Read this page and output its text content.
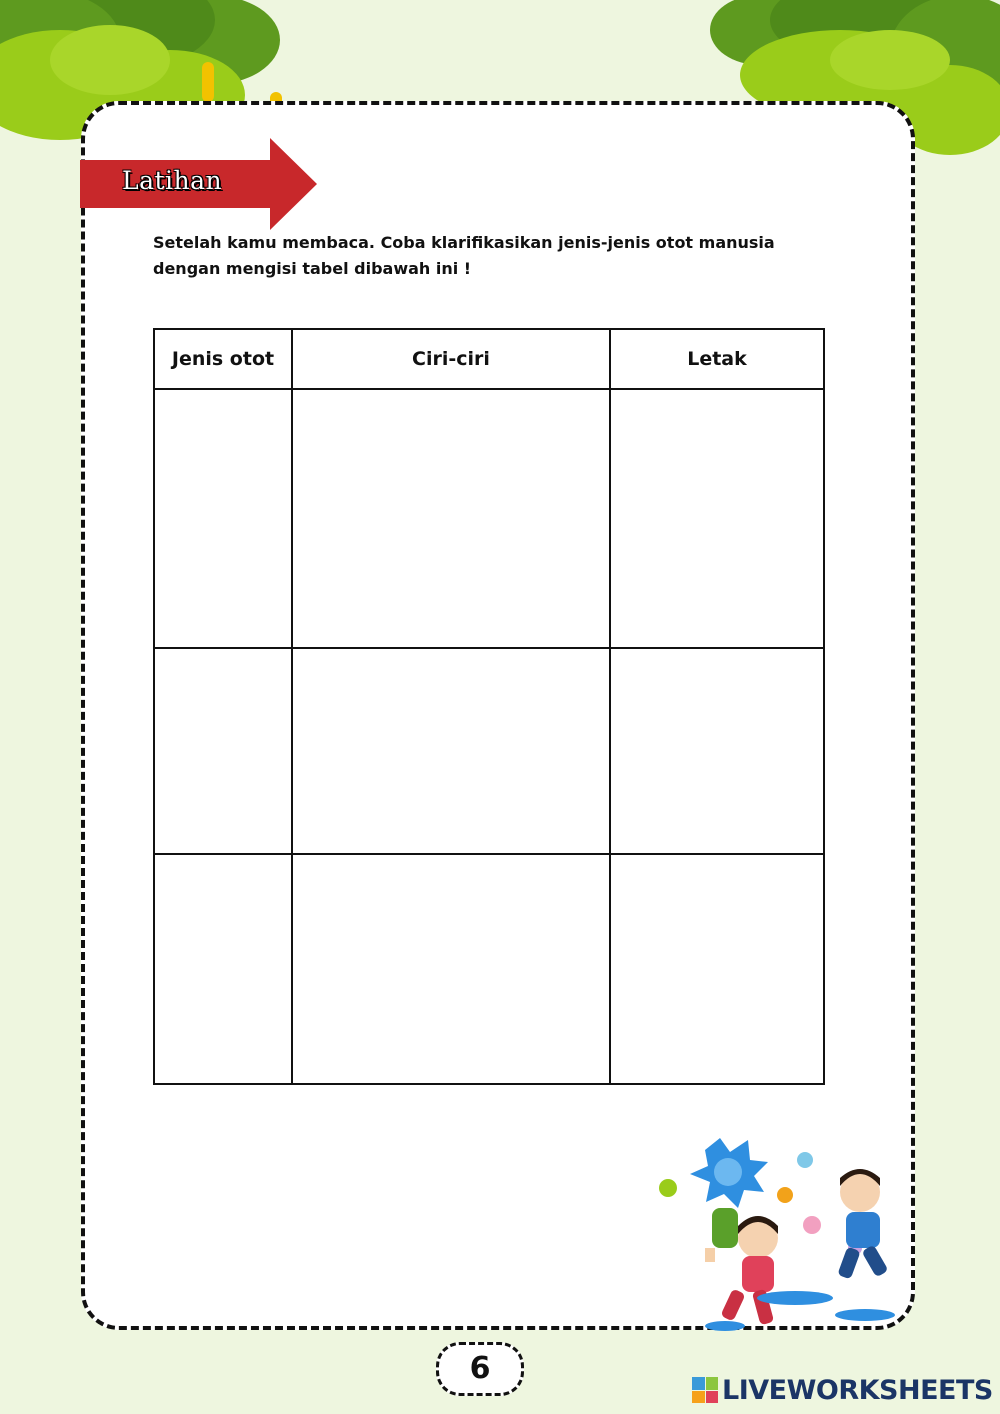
Latihan
Setelah kamu membaca. Coba klarifikasikan jenis-jenis otot manusia dengan mengisi tabel dibawah ini !
Jenis otot	Ciri-ciri	Letak

6
LIVEWORKSHEETS
